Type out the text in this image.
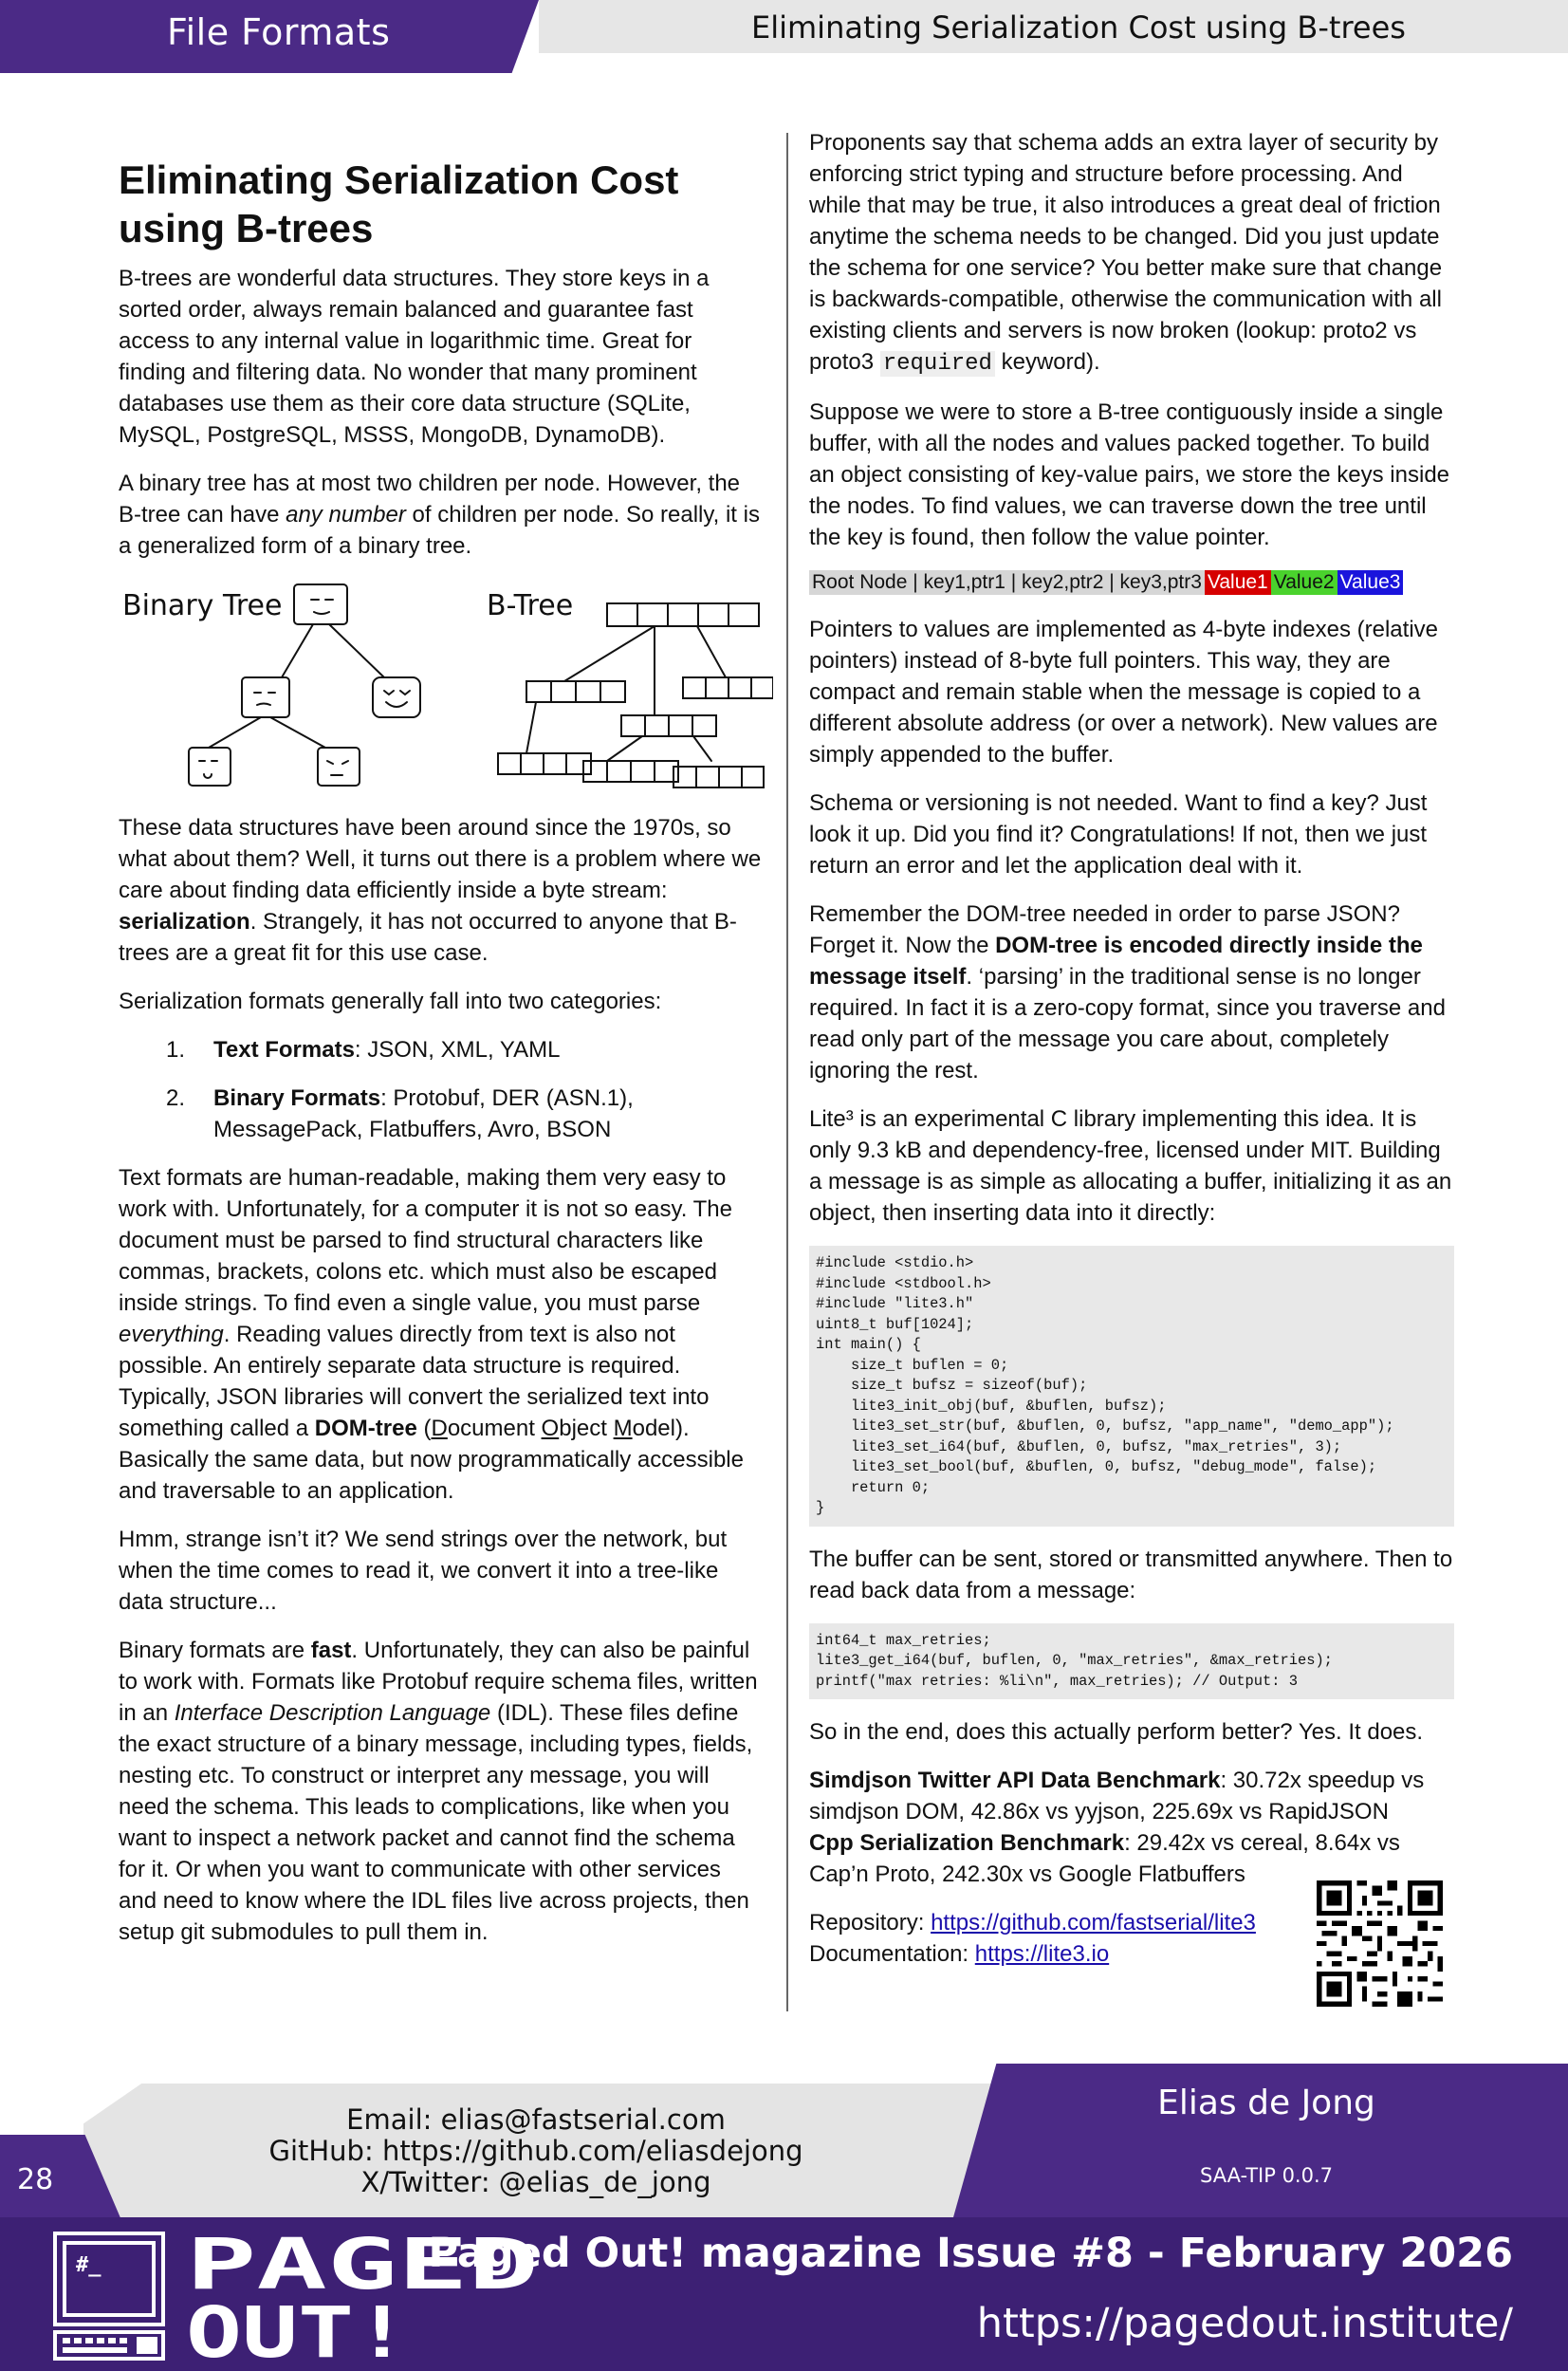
File Formats	Eliminating Serialization Cost using B-trees
Eliminating Serialization Cost using B-trees

B-trees are wonderful data structures. They store keys in a sorted order, always remain balanced and guarantee fast access to any internal value in logarithmic time. Great for finding and filtering data. No wonder that many prominent databases use them as their core data structure (SQLite, MySQL, PostgreSQL, MSSS, MongoDB, DynamoDB).

A binary tree has at most two children per node. However, the B-tree can have any number of children per node. So really, it is a generalized form of a binary tree.

Binary Tree	B-Tree

These data structures have been around since the 1970s, so what about them? Well, it turns out there is a problem where we care about finding data efficiently inside a byte stream: serialization. Strangely, it has not occurred to anyone that B-trees are a great fit for this use case.

Serialization formats generally fall into two categories:

1. Text Formats: JSON, XML, YAML
2. Binary Formats: Protobuf, DER (ASN.1), MessagePack, Flatbuffers, Avro, BSON

Text formats are human-readable, making them very easy to work with. Unfortunately, for a computer it is not so easy. The document must be parsed to find structural characters like commas, brackets, colons etc. which must also be escaped inside strings. To find even a single value, you must parse everything. Reading values directly from text is also not possible. An entirely separate data structure is required. Typically, JSON libraries will convert the serialized text into something called a DOM-tree (Document Object Model). Basically the same data, but now programmatically accessible and traversable to an application.

Hmm, strange isn’t it? We send strings over the network, but when the time comes to read it, we convert it into a tree-like data structure...

Binary formats are fast. Unfortunately, they can also be painful to work with. Formats like Protobuf require schema files, written in an Interface Description Language (IDL). These files define the exact structure of a binary message, including types, fields, nesting etc. To construct or interpret any message, you will need the schema. This leads to complications, like when you want to inspect a network packet and cannot find the schema for it. Or when you want to communicate with other services and need to know where the IDL files live across projects, then setup git submodules to pull them in.

Proponents say that schema adds an extra layer of security by enforcing strict typing and structure before processing. And while that may be true, it also introduces a great deal of friction anytime the schema needs to be changed. Did you just update the schema for one service? You better make sure that change is backwards-compatible, otherwise the communication with all existing clients and servers is now broken (lookup: proto2 vs proto3 required keyword).

Suppose we were to store a B-tree contiguously inside a single buffer, with all the nodes and values packed together. To build an object consisting of key-value pairs, we store the keys inside the nodes. To find values, we can traverse down the tree until the key is found, then follow the value pointer.

Root Node | key1,ptr1 | key2,ptr2 | key3,ptr3 Value1 Value2 Value3

Pointers to values are implemented as 4-byte indexes (relative pointers) instead of 8-byte full pointers. This way, they are compact and remain stable when the message is copied to a different absolute address (or over a network). New values are simply appended to the buffer.

Schema or versioning is not needed. Want to find a key? Just look it up. Did you find it? Congratulations! If not, then we just return an error and let the application deal with it.

Remember the DOM-tree needed in order to parse JSON? Forget it. Now the DOM-tree is encoded directly inside the message itself. ‘parsing’ in the traditional sense is no longer required. In fact it is a zero-copy format, since you traverse and read only part of the message you care about, completely ignoring the rest.

Lite³ is an experimental C library implementing this idea. It is only 9.3 kB and dependency-free, licensed under MIT. Building a message is as simple as allocating a buffer, initializing it as an object, then inserting data into it directly:

#include <stdio.h>
#include <stdbool.h>
#include "lite3.h"
uint8_t buf[1024];
int main() {
size_t buflen = 0;
size_t bufsz = sizeof(buf);
lite3_init_obj(buf, &buflen, bufsz);
lite3_set_str(buf, &buflen, 0, bufsz, "app_name", "demo_app");
lite3_set_i64(buf, &buflen, 0, bufsz, "max_retries", 3);
lite3_set_bool(buf, &buflen, 0, bufsz, "debug_mode", false);
return 0;
}

The buffer can be sent, stored or transmitted anywhere. Then to read back data from a message:

int64_t max_retries;
lite3_get_i64(buf, buflen, 0, "max_retries", &max_retries);
printf("max retries: %li\n", max_retries); // Output: 3

So in the end, does this actually perform better? Yes. It does.

Simdjson Twitter API Data Benchmark: 30.72x speedup vs simdjson DOM, 42.86x vs yyjson, 225.69x vs RapidJSON
Cpp Serialization Benchmark: 29.42x vs cereal, 8.64x vs Cap’n Proto, 242.30x vs Google Flatbuffers

Repository: https://github.com/fastserial/lite3
Documentation: https://lite3.io

Email: elias@fastserial.com
GitHub: https://github.com/eliasdejong
X/Twitter: @elias_de_jong
Elias de Jong
SAA-TIP 0.0.7
28
#_ PAGED
OUT!
Paged Out! magazine Issue #8 - February 2026
https://pagedout.institute/
